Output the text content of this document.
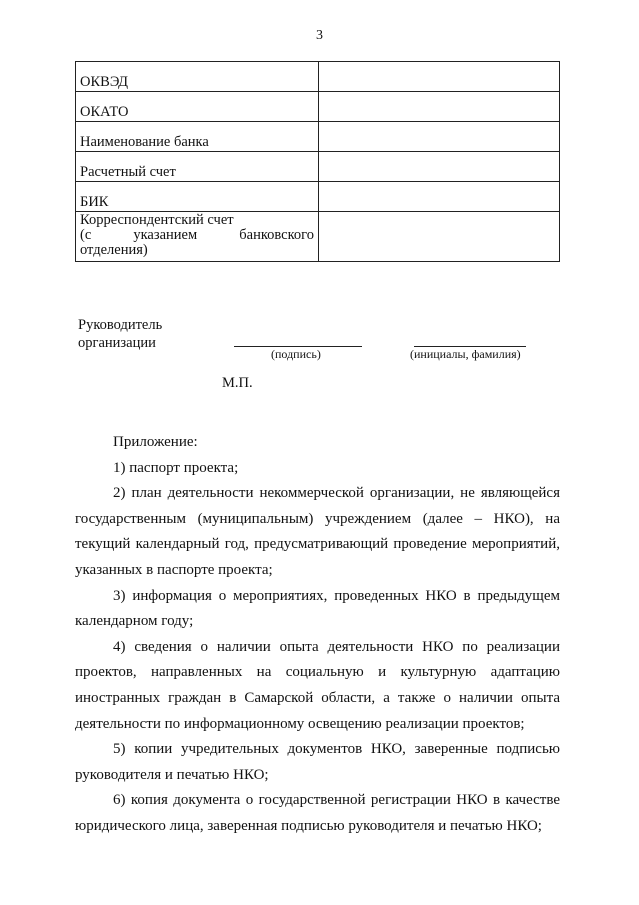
3
ОКВЭД	
ОКАТО	
Наименование банка	
Расчетный счет	
БИК	

Корреспондентский счет
(с указанием банковского
отделения)	

Руководитель
организации
(подпись)	(инициалы, фамилия)
М.П.

Приложение:

1) паспорт проекта;

2) план деятельности некоммерческой организации, не являющейся государственным (муниципальным) учреждением (далее – НКО), на текущий календарный год, предусматривающий проведение мероприятий, указанных в паспорте проекта;

3) информация о мероприятиях, проведенных НКО в предыдущем календарном году;

4) сведения о наличии опыта деятельности НКО по реализации проектов, направленных на социальную и культурную адаптацию иностранных граждан в Самарской области, а также о наличии опыта деятельности по информационному освещению реализации проектов;

5) копии учредительных документов НКО, заверенные подписью руководителя и печатью НКО;

6) копия документа о государственной регистрации НКО в качестве юридического лица, заверенная подписью руководителя и печатью НКО;
